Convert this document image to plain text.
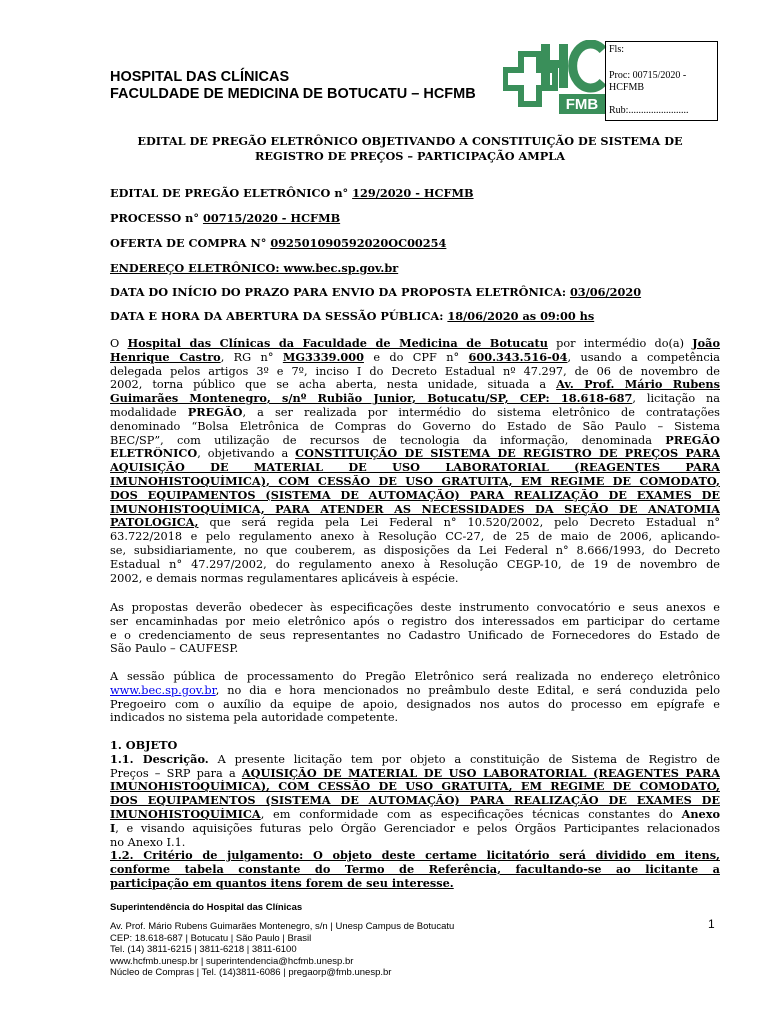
HOSPITAL DAS CLÍNICAS
FACULDADE DE MEDICINA DE BOTUCATU – HCFMB
FMB
Fls:
Proc: 00715/2020 -
HCFMB
Rub:........................
EDITAL DE PREGÃO ELETRÔNICO OBJETIVANDO A CONSTITUIÇÃO DE SISTEMA DE
REGISTRO DE PREÇOS – PARTICIPAÇÃO AMPLA
EDITAL DE PREGÃO ELETRÔNICO n° 129/2020 - HCFMB
PROCESSO n° 00715/2020 - HCFMB
OFERTA DE COMPRA N° 092501090592020OC00254
ENDEREÇO ELETRÔNICO: www.bec.sp.gov.br
DATA DO INÍCIO DO PRAZO PARA ENVIO DA PROPOSTA ELETRÔNICA: 03/06/2020
DATA E HORA DA ABERTURA DA SESSÃO PÚBLICA: 18/06/2020 as 09:00 hs
O Hospital das Clínicas da Faculdade de Medicina de Botucatu por intermédio do(a) João
Henrique Castro, RG n° MG3339.000 e do CPF n° 600.343.516-04, usando a competência
delegada pelos artigos 3º e 7º, inciso I do Decreto Estadual nº 47.297, de 06 de novembro de
2002, torna público que se acha aberta, nesta unidade, situada a Av. Prof. Mário Rubens
Guimarães Montenegro, s/nº Rubião Junior, Botucatu/SP, CEP: 18.618-687, licitação na
modalidade PREGÃO, a ser realizada por intermédio do sistema eletrônico de contratações
denominado “Bolsa Eletrônica de Compras do Governo do Estado de São Paulo – Sistema
BEC/SP”, com utilização de recursos de tecnologia da informação, denominada PREGÃO
ELETRÔNICO, objetivando a CONSTITUIÇÃO DE SISTEMA DE REGISTRO DE PREÇOS PARA
AQUISIÇÃO DE MATERIAL DE USO LABORATORIAL (REAGENTES PARA
IMUNOHISTOQUÍMICA), COM CESSÃO DE USO GRATUITA, EM REGIME DE COMODATO,
DOS EQUIPAMENTOS (SISTEMA DE AUTOMAÇÃO) PARA REALIZAÇÃO DE EXAMES DE
IMUNOHISTOQUÍMICA, PARA ATENDER AS NECESSIDADES DA SEÇÃO DE ANATOMIA
PATOLOGICA, que será regida pela Lei Federal n° 10.520/2002, pelo Decreto Estadual n°
63.722/2018 e pelo regulamento anexo à Resolução CC-27, de 25 de maio de 2006, aplicando-
se, subsidiariamente, no que couberem, as disposições da Lei Federal n° 8.666/1993, do Decreto
Estadual n° 47.297/2002, do regulamento anexo à Resolução CEGP-10, de 19 de novembro de
2002, e demais normas regulamentares aplicáveis à espécie.
As propostas deverão obedecer às especificações deste instrumento convocatório e seus anexos e
ser encaminhadas por meio eletrônico após o registro dos interessados em participar do certame
e o credenciamento de seus representantes no Cadastro Unificado de Fornecedores do Estado de
São Paulo – CAUFESP.
A sessão pública de processamento do Pregão Eletrônico será realizada no endereço eletrônico
www.bec.sp.gov.br, no dia e hora mencionados no preâmbulo deste Edital, e será conduzida pelo
Pregoeiro com o auxílio da equipe de apoio, designados nos autos do processo em epígrafe e
indicados no sistema pela autoridade competente.
1. OBJETO
1.1. Descrição. A presente licitação tem por objeto a constituição de Sistema de Registro de
Preços – SRP para a AQUISIÇÃO DE MATERIAL DE USO LABORATORIAL (REAGENTES PARA
IMUNOHISTOQUÍMICA), COM CESSÃO DE USO GRATUITA, EM REGIME DE COMODATO,
DOS EQUIPAMENTOS (SISTEMA DE AUTOMAÇÃO) PARA REALIZAÇÃO DE EXAMES DE
IMUNOHISTOQUÍMICA, em conformidade com as especificações técnicas constantes do Anexo
I, e visando aquisições futuras pelo Órgão Gerenciador e pelos Órgãos Participantes relacionados
no Anexo I.1.
1.2. Critério de julgamento: O objeto deste certame licitatório será dividido em itens,
conforme tabela constante do Termo de Referência, facultando-se ao licitante a
participação em quantos itens forem de seu interesse.
Superintendência do Hospital das Clínicas
Av. Prof. Mário Rubens Guimarães Montenegro, s/n | Unesp Campus de Botucatu
CEP: 18.618-687 | Botucatu | São Paulo | Brasil
Tel. (14) 3811-6215 | 3811-6218 | 3811-6100
www.hcfmb.unesp.br | superintendencia@hcfmb.unesp.br
Núcleo de Compras | Tel. (14)3811-6086 | pregaorp@fmb.unesp.br
1
